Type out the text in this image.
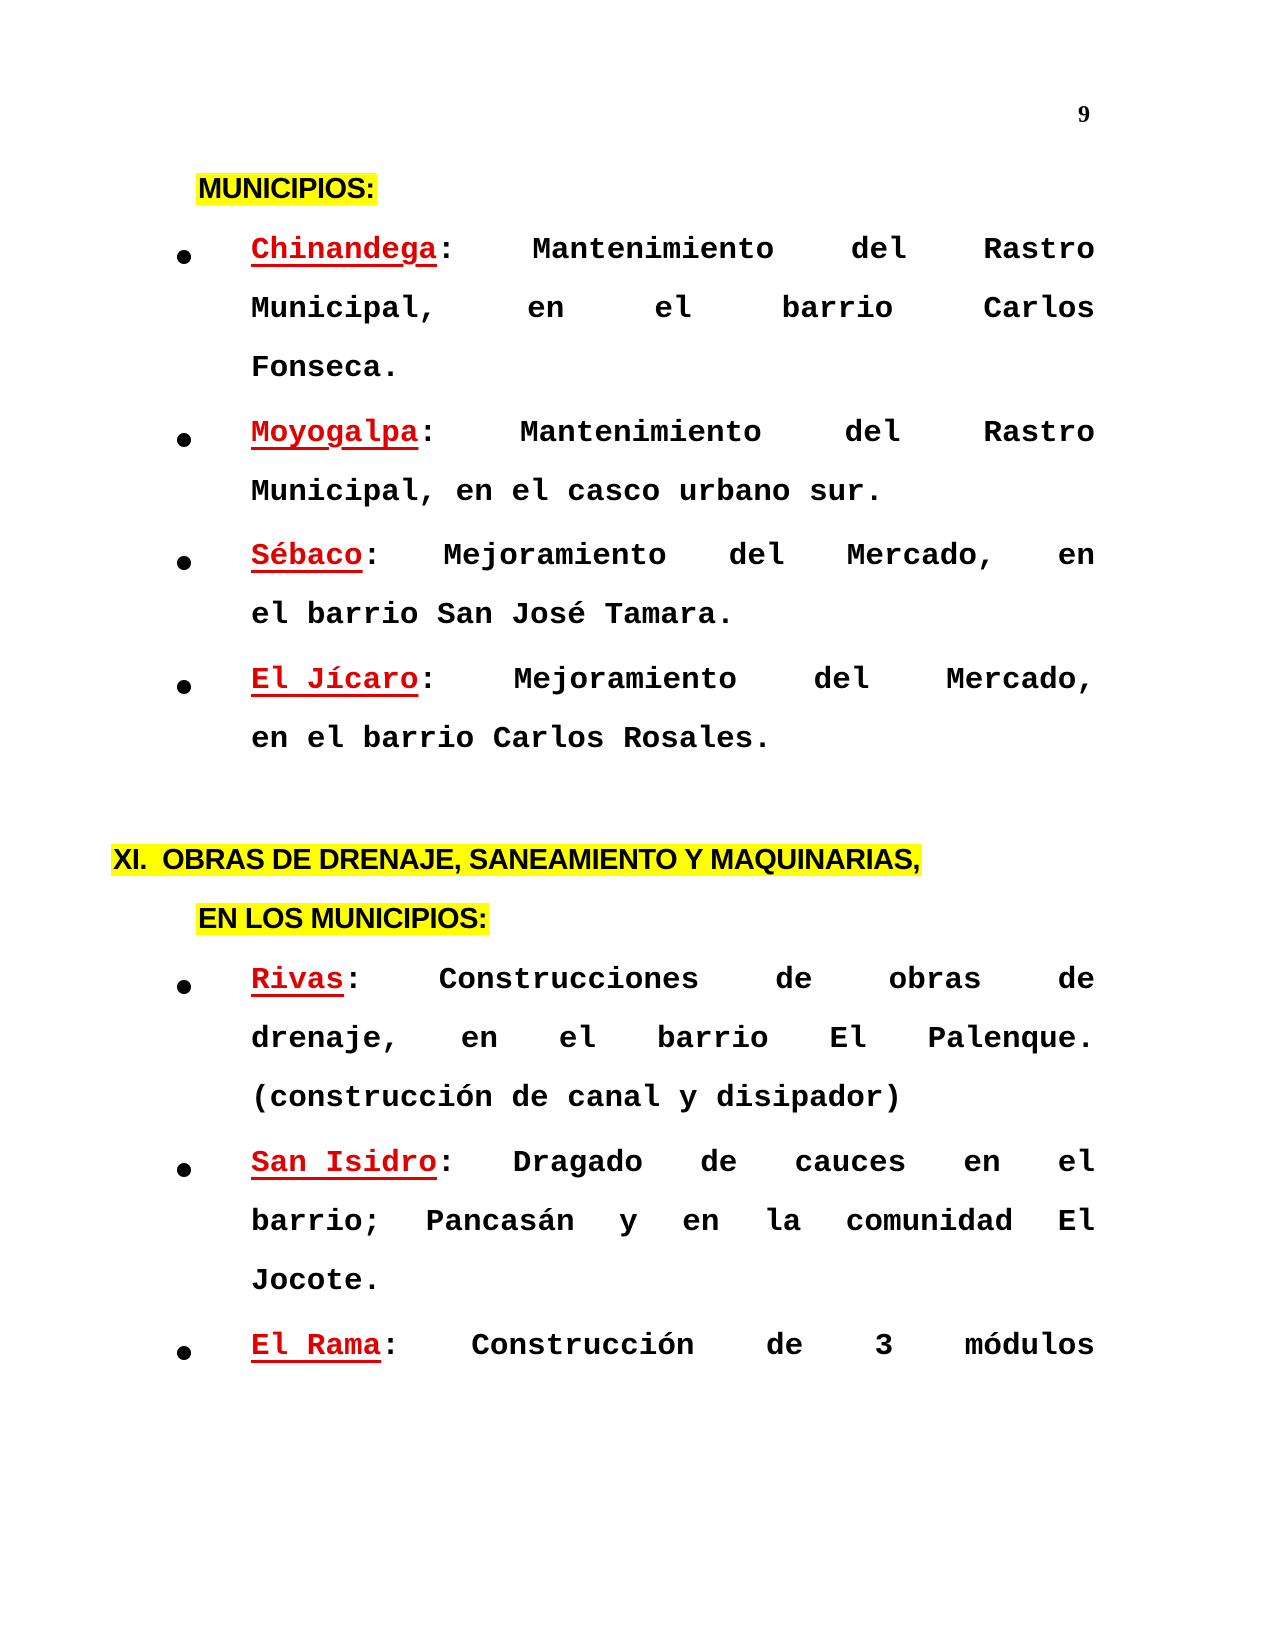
9
MUNICIPIOS:
Chinandega: Mantenimiento del Rastro
Municipal,	en	el	barrio	Carlos
Fonseca.
Moyogalpa:	Mantenimiento	del	Rastro
Municipal, en el casco urbano sur.
Sébaco: Mejoramiento del Mercado, en
el barrio San José Tamara.
El Jícaro: Mejoramiento del Mercado,
en el barrio Carlos Rosales.
XI. OBRAS DE DRENAJE, SANEAMIENTO Y MAQUINARIAS,
EN LOS MUNICIPIOS:
Rivas: Construcciones de obras de
drenaje, en el barrio El Palenque.
(construcción de canal y disipador)
San Isidro: Dragado de cauces en el
barrio; Pancasán y en la comunidad El
Jocote.
El Rama: Construcción de 3 módulos
